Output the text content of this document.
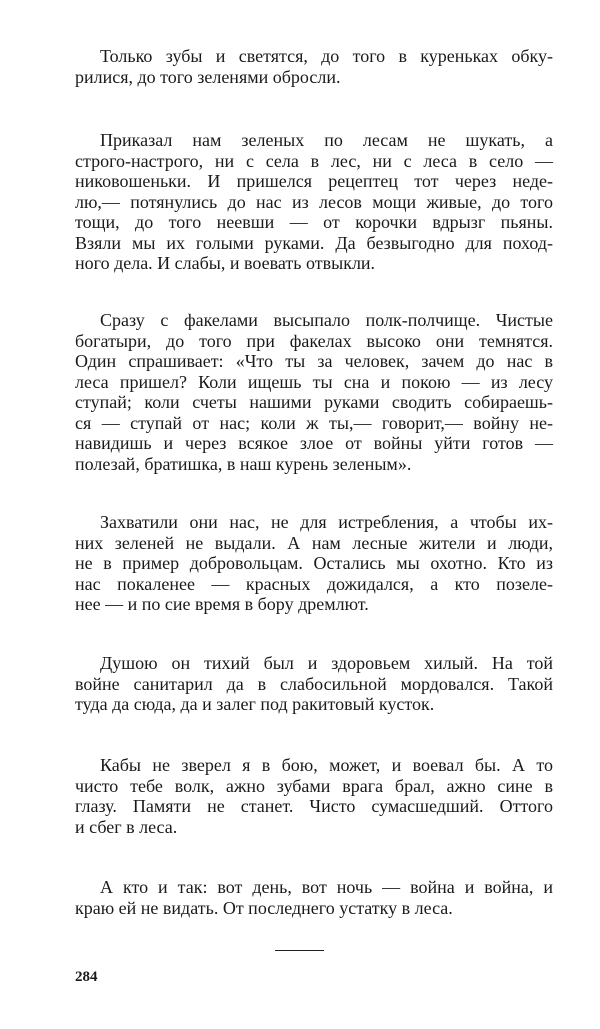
Только зубы и светятся, до того в куреньках обку-
рилися, до того зеленями обросли.
Приказал нам зеленых по лесам не шукать, а
строго-настрого, ни с села в лес, ни с леса в село —
никовошеньки. И пришелся рецептец тот через неде-
лю,— потянулись до нас из лесов мощи живые, до того
тощи, до того неевши — от корочки вдрызг пьяны.
Взяли мы их голыми руками. Да безвыгодно для поход-
ного дела. И слабы, и воевать отвыкли.
Сразу с факелами высыпало полк-полчище. Чистые
богатыри, до того при факелах высоко они темнятся.
Один спрашивает: «Что ты за человек, зачем до нас в
леса пришел? Коли ищешь ты сна и покою — из лесу
ступай; коли счеты нашими руками сводить собираешь-
ся — ступай от нас; коли ж ты,— говорит,— войну не-
навидишь и через всякое злое от войны уйти готов —
полезай, братишка, в наш курень зеленым».
Захватили они нас, не для истребления, а чтобы их-
них зеленей не выдали. А нам лесные жители и люди,
не в пример добровольцам. Остались мы охотно. Кто из
нас покаленее — красных дожидался, а кто позеле-
нее — и по сие время в бору дремлют.
Душою он тихий был и здоровьем хилый. На той
войне санитарил да в слабосильной мордовался. Такой
туда да сюда, да и залег под ракитовый кусток.
Кабы не зверел я в бою, может, и воевал бы. А то
чисто тебе волк, ажно зубами врага брал, ажно сине в
глазу. Памяти не станет. Чисто сумасшедший. Оттого
и сбег в леса.
А кто и так: вот день, вот ночь — война и война, и
краю ей не видать. От последнего устатку в леса.
284
